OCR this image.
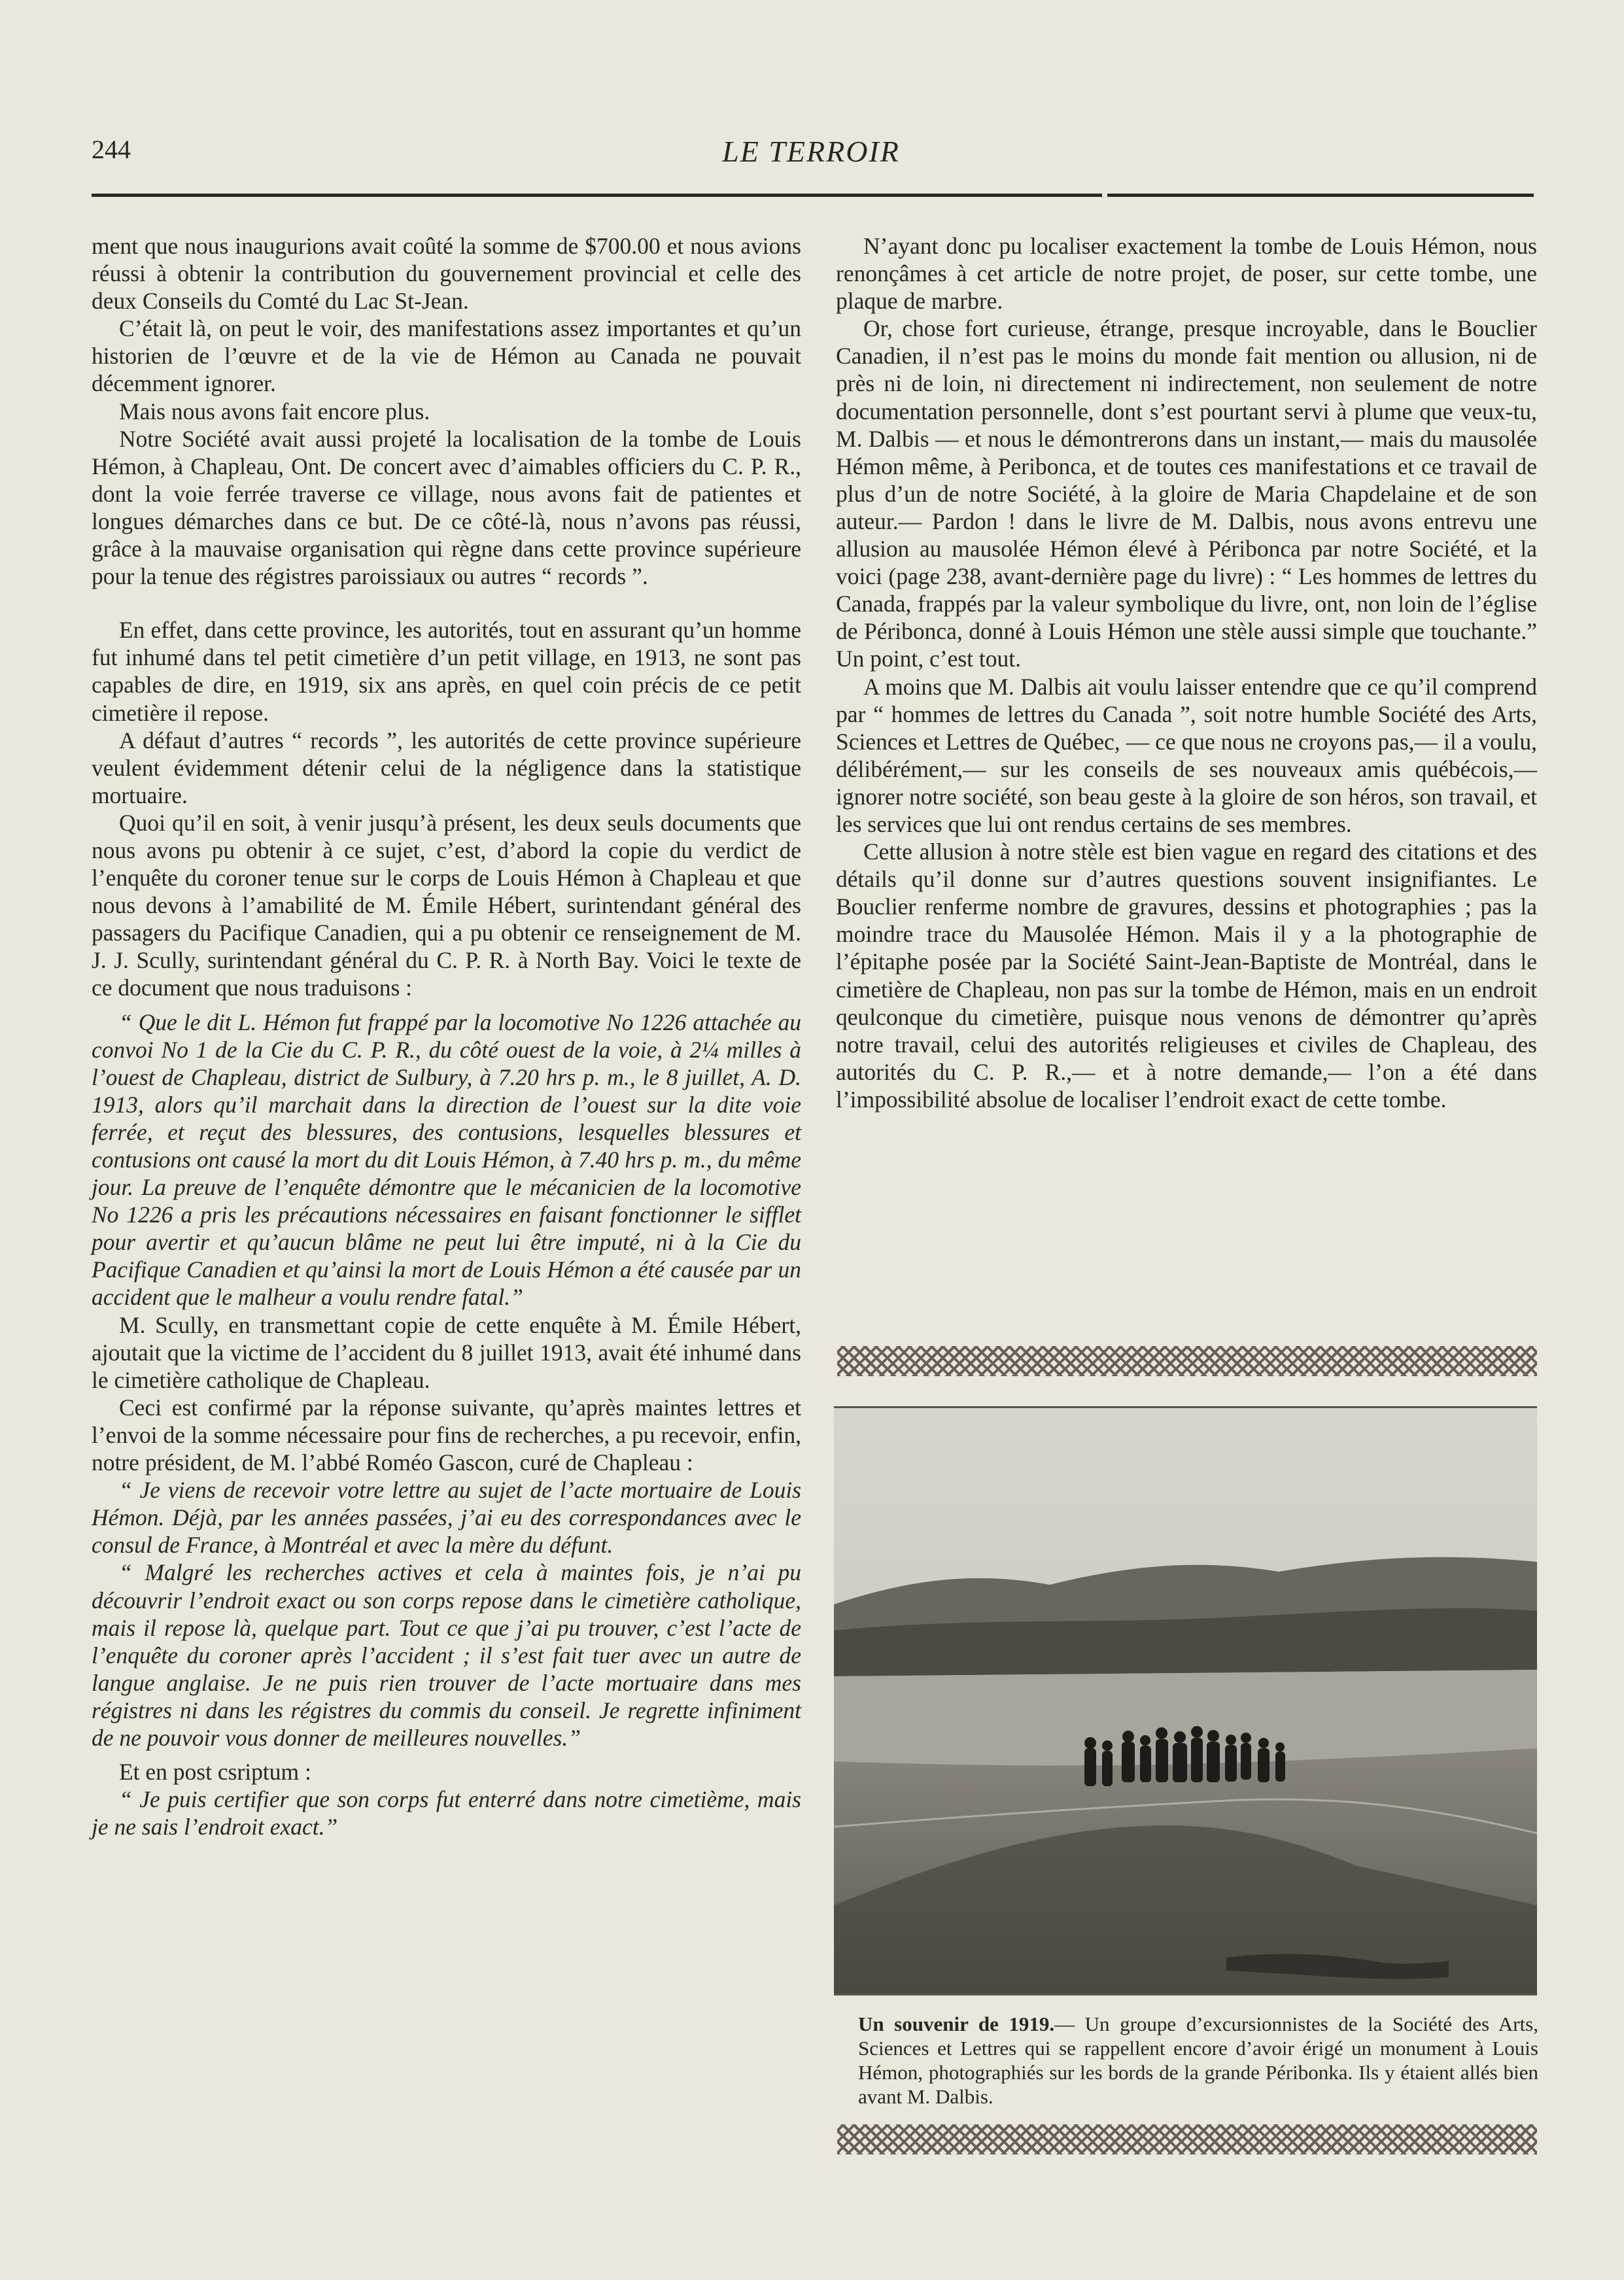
244	LE TERROIR

ment que nous inaugurions avait coûté la somme de $700.00 et nous avions réussi à obtenir la contribution du gouvernement provincial et celle des deux Conseils du Comté du Lac St-Jean.

C’était là, on peut le voir, des manifestations assez importantes et qu’un historien de l’œuvre et de la vie de Hémon au Canada ne pouvait décemment ignorer.

Mais nous avons fait encore plus.

Notre Société avait aussi projeté la localisation de la tombe de Louis Hémon, à Chapleau, Ont. De concert avec d’aimables officiers du C. P. R., dont la voie ferrée traverse ce village, nous avons fait de patientes et longues démarches dans ce but. De ce côté-là, nous n’avons pas réussi, grâce à la mauvaise organisation qui règne dans cette province supérieure pour la tenue des régistres paroissiaux ou autres “ records ”.

En effet, dans cette province, les autorités, tout en assurant qu’un homme fut inhumé dans tel petit cimetière d’un petit village, en 1913, ne sont pas capables de dire, en 1919, six ans après, en quel coin précis de ce petit cimetière il repose.

A défaut d’autres “ records ”, les autorités de cette province supérieure veulent évidemment détenir celui de la négligence dans la statistique mortuaire.

Quoi qu’il en soit, à venir jusqu’à présent, les deux seuls documents que nous avons pu obtenir à ce sujet, c’est, d’abord la copie du verdict de l’enquête du coroner tenue sur le corps de Louis Hémon à Chapleau et que nous devons à l’amabilité de M. Émile Hébert, surintendant général des passagers du Pacifique Canadien, qui a pu obtenir ce renseignement de M. J. J. Scully, surintendant général du C. P. R. à North Bay. Voici le texte de ce document que nous traduisons :

“ Que le dit L. Hémon fut frappé par la locomotive No 1226 attachée au convoi No 1 de la Cie du C. P. R., du côté ouest de la voie, à 2¼ milles à l’ouest de Chapleau, district de Sulbury, à 7.20 hrs p. m., le 8 juillet, A. D. 1913, alors qu’il marchait dans la direction de l’ouest sur la dite voie ferrée, et reçut des blessures, des contusions, lesquelles blessures et contusions ont causé la mort du dit Louis Hémon, à 7.40 hrs p. m., du même jour. La preuve de l’enquête démontre que le mécanicien de la locomotive No 1226 a pris les précautions nécessaires en faisant fonctionner le sifflet pour avertir et qu’aucun blâme ne peut lui être imputé, ni à la Cie du Pacifique Canadien et qu’ainsi la mort de Louis Hémon a été causée par un accident que le malheur a voulu rendre fatal.”

M. Scully, en transmettant copie de cette enquête à M. Émile Hébert, ajoutait que la victime de l’accident du 8 juillet 1913, avait été inhumé dans le cimetière catholique de Chapleau.

Ceci est confirmé par la réponse suivante, qu’après maintes lettres et l’envoi de la somme nécessaire pour fins de recherches, a pu recevoir, enfin, notre président, de M. l’abbé Roméo Gascon, curé de Chapleau :

“ Je viens de recevoir votre lettre au sujet de l’acte mortuaire de Louis Hémon. Déjà, par les années passées, j’ai eu des correspondances avec le consul de France, à Montréal et avec la mère du défunt.

“ Malgré les recherches actives et cela à maintes fois, je n’ai pu découvrir l’endroit exact ou son corps repose dans le cimetière catholique, mais il repose là, quelque part. Tout ce que j’ai pu trouver, c’est l’acte de l’enquête du coroner après l’accident ; il s’est fait tuer avec un autre de langue anglaise. Je ne puis rien trouver de l’acte mortuaire dans mes régistres ni dans les régistres du commis du conseil. Je regrette infiniment de ne pouvoir vous donner de meilleures nouvelles.”

Et en post csriptum :

“ Je puis certifier que son corps fut enterré dans notre cimetième, mais je ne sais l’endroit exact.”

N’ayant donc pu localiser exactement la tombe de Louis Hémon, nous renonçâmes à cet article de notre projet, de poser, sur cette tombe, une plaque de marbre.

Or, chose fort curieuse, étrange, presque incroyable, dans le Bouclier Canadien, il n’est pas le moins du monde fait mention ou allusion, ni de près ni de loin, ni directement ni indirectement, non seulement de notre documentation personnelle, dont s’est pourtant servi à plume que veux-tu, M. Dalbis — et nous le démontrerons dans un instant,— mais du mausolée Hémon même, à Peribonca, et de toutes ces manifestations et ce travail de plus d’un de notre Société, à la gloire de Maria Chapdelaine et de son auteur.— Pardon ! dans le livre de M. Dalbis, nous avons entrevu une allusion au mausolée Hémon élevé à Péribonca par notre Société, et la voici (page 238, avant-dernière page du livre) : “ Les hommes de lettres du Canada, frappés par la valeur symbolique du livre, ont, non loin de l’église de Péribonca, donné à Louis Hémon une stèle aussi simple que touchante.” Un point, c’est tout.

A moins que M. Dalbis ait voulu laisser entendre que ce qu’il comprend par “ hommes de lettres du Canada ”, soit notre humble Société des Arts, Sciences et Lettres de Québec, — ce que nous ne croyons pas,— il a voulu, délibérément,— sur les conseils de ses nouveaux amis québécois,— ignorer notre société, son beau geste à la gloire de son héros, son travail, et les services que lui ont rendus certains de ses membres.

Cette allusion à notre stèle est bien vague en regard des citations et des détails qu’il donne sur d’autres questions souvent insignifiantes. Le Bouclier renferme nombre de gravures, dessins et photographies ; pas la moindre trace du Mausolée Hémon. Mais il y a la photographie de l’épitaphe posée par la Société Saint-Jean-Baptiste de Montréal, dans le cimetière de Chapleau, non pas sur la tombe de Hémon, mais en un endroit qeulconque du cimetière, puisque nous venons de démontrer qu’après notre travail, celui des autorités religieuses et civiles de Chapleau, des autorités du C. P. R.,— et à notre demande,— l’on a été dans l’impossibilité absolue de localiser l’endroit exact de cette tombe.

Un souvenir de 1919.— Un groupe d’excursionnistes de la Société des Arts, Sciences et Lettres qui se rappellent encore d’avoir érigé un monument à Louis Hémon, photographiés sur les bords de la grande Péribonka. Ils y étaient allés bien avant M. Dalbis.
